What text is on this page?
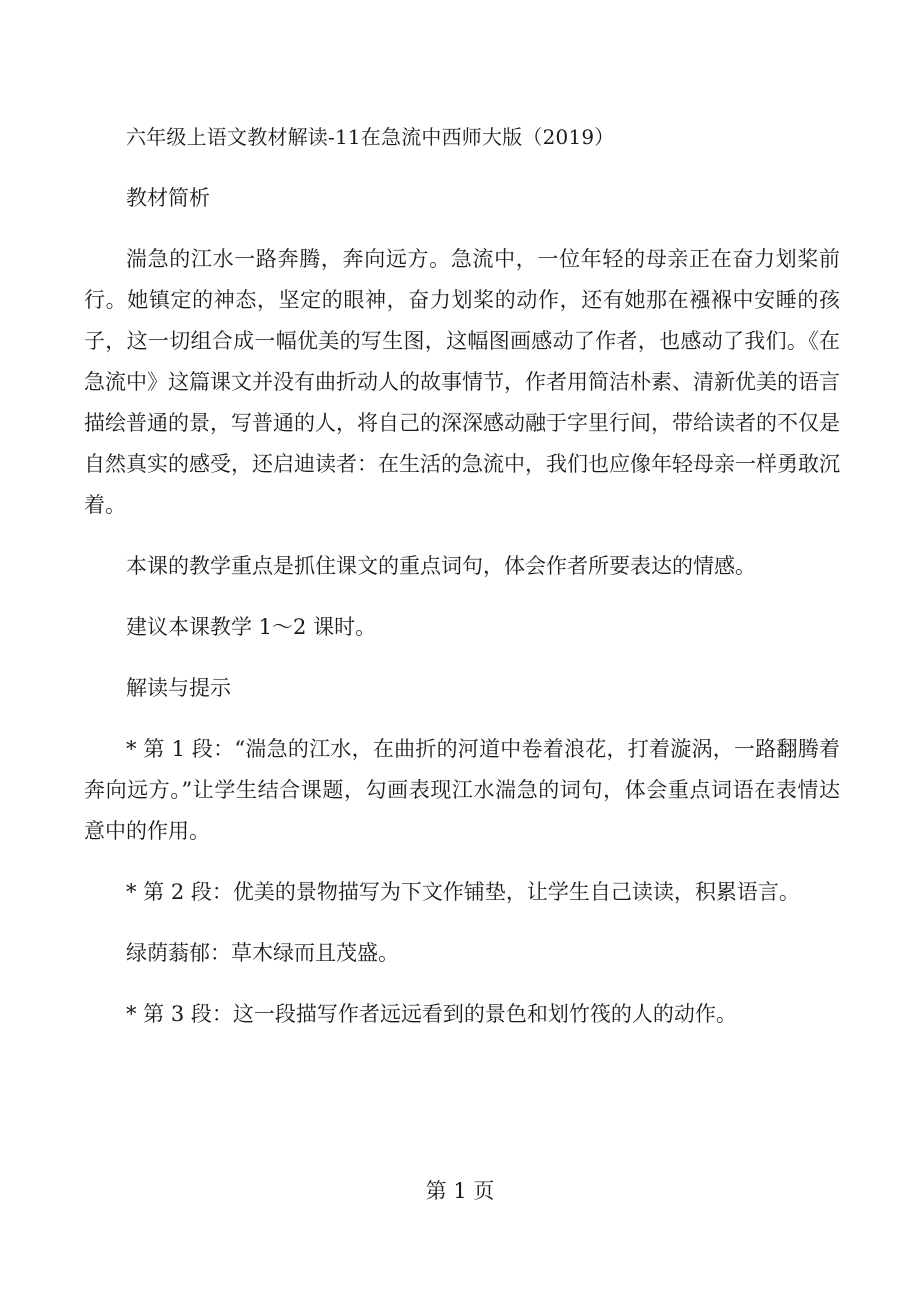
六年级上语文教材解读-11在急流中西师大版（2019）

教材简析

湍急的江水一路奔腾，奔向远方。急流中，一位年轻的母亲正在奋力划桨前行。她镇定的神态，坚定的眼神，奋力划桨的动作，还有她那在襁褓中安睡的孩子，这一切组合成一幅优美的写生图，这幅图画感动了作者，也感动了我们。《在急流中》这篇课文并没有曲折动人的故事情节，作者用简洁朴素、清新优美的语言描绘普通的景，写普通的人，将自己的深深感动融于字里行间，带给读者的不仅是自然真实的感受，还启迪读者：在生活的急流中，我们也应像年轻母亲一样勇敢沉着。

本课的教学重点是抓住课文的重点词句，体会作者所要表达的情感。

建议本课教学 1～2 课时。

解读与提示

* 第 1 段：“湍急的江水，在曲折的河道中卷着浪花，打着漩涡，一路翻腾着奔向远方。”让学生结合课题，勾画表现江水湍急的词句，体会重点词语在表情达意中的作用。

* 第 2 段：优美的景物描写为下文作铺垫，让学生自己读读，积累语言。

绿荫蓊郁：草木绿而且茂盛。

* 第 3 段：这一段描写作者远远看到的景色和划竹筏的人的动作。

第 1 页
